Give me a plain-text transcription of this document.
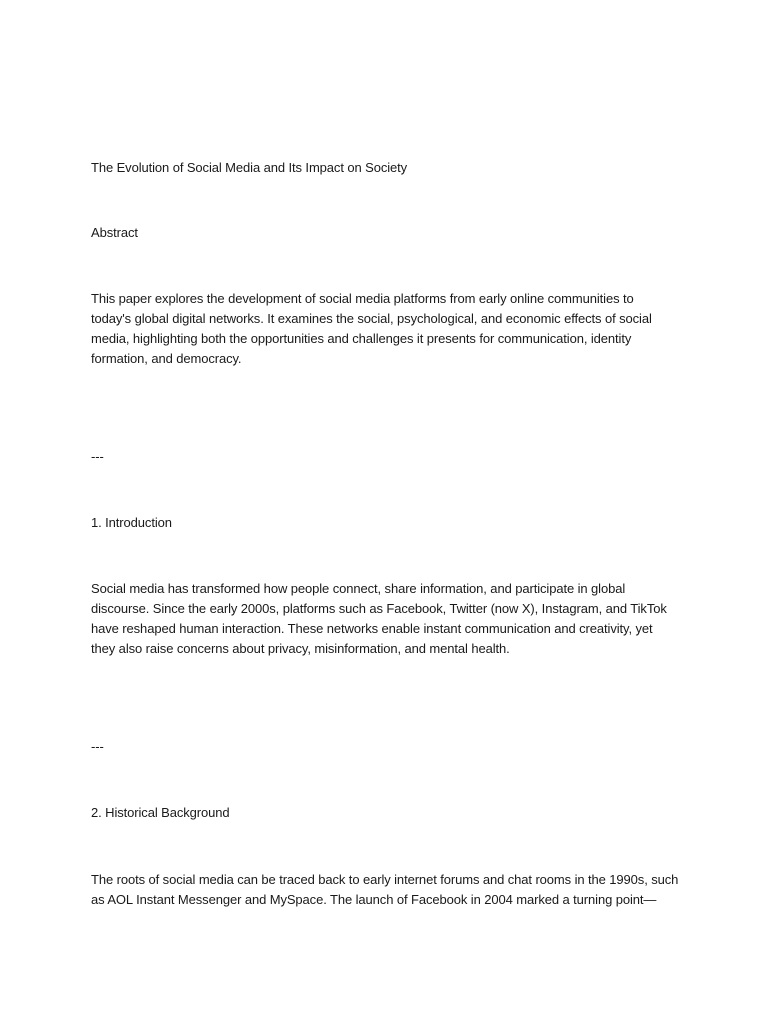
The Evolution of Social Media and Its Impact on Society
Abstract
This paper explores the development of social media platforms from early online communities to
today's global digital networks. It examines the social, psychological, and economic effects of social
media, highlighting both the opportunities and challenges it presents for communication, identity
formation, and democracy.
---
1. Introduction
Social media has transformed how people connect, share information, and participate in global
discourse. Since the early 2000s, platforms such as Facebook, Twitter (now X), Instagram, and TikTok
have reshaped human interaction. These networks enable instant communication and creativity, yet
they also raise concerns about privacy, misinformation, and mental health.
---
2. Historical Background
The roots of social media can be traced back to early internet forums and chat rooms in the 1990s, such
as AOL Instant Messenger and MySpace. The launch of Facebook in 2004 marked a turning point—
